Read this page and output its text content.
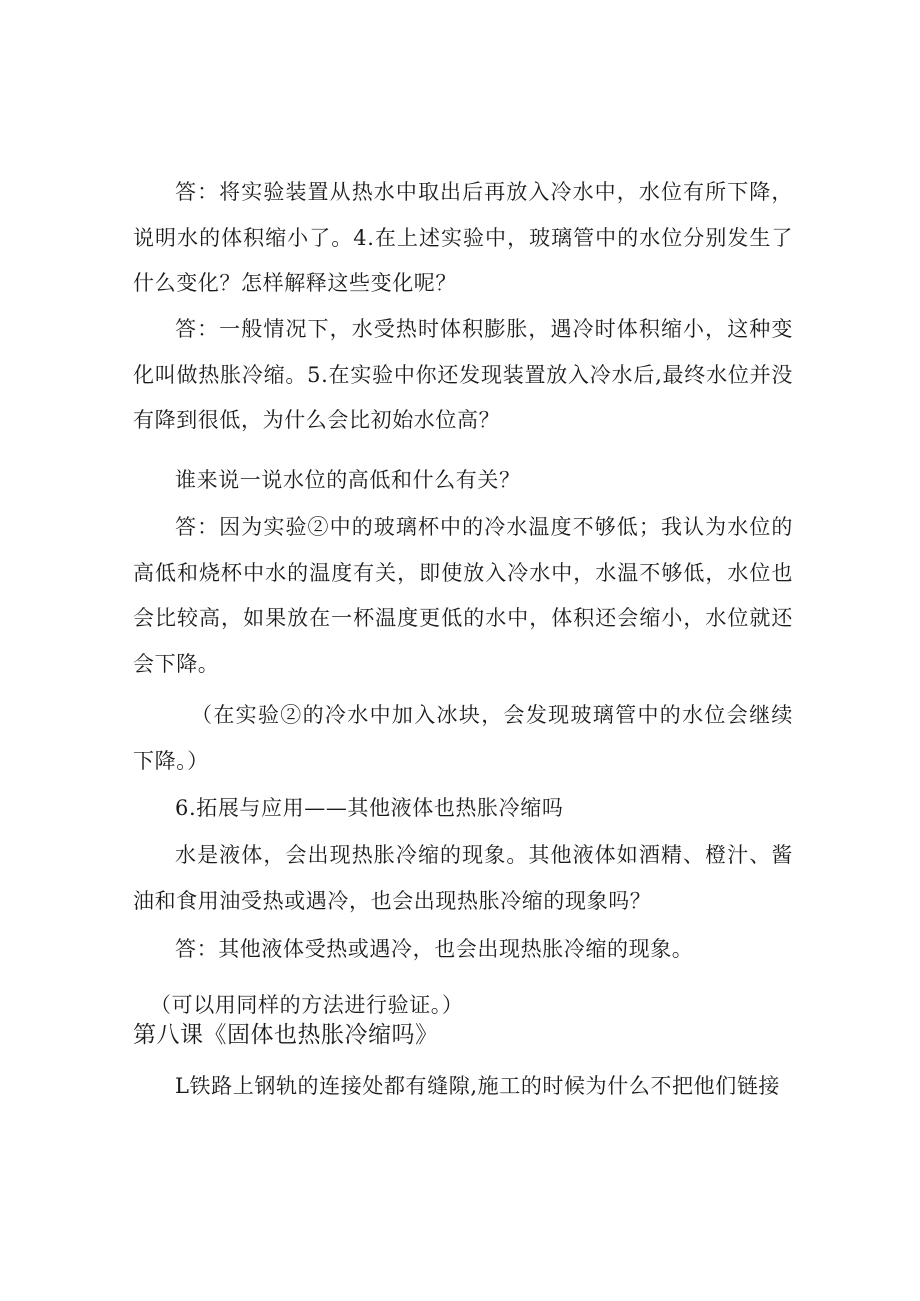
答：将实验装置从热水中取出后再放入冷水中，水位有所下降，说明水的体积缩小了。4.在上述实验中，玻璃管中的水位分别发生了什么变化？怎样解释这些变化呢？

答：一般情况下，水受热时体积膨胀，遇冷时体积缩小，这种变化叫做热胀冷缩。5.在实验中你还发现装置放入冷水后,最终水位并没有降到很低，为什么会比初始水位高？

谁来说一说水位的高低和什么有关？

答：因为实验②中的玻璃杯中的冷水温度不够低；我认为水位的高低和烧杯中水的温度有关，即使放入冷水中，水温不够低，水位也会比较高，如果放在一杯温度更低的水中，体积还会缩小，水位就还会下降。

（在实验②的冷水中加入冰块，会发现玻璃管中的水位会继续下降。）

6.拓展与应用——其他液体也热胀冷缩吗

水是液体，会出现热胀冷缩的现象。其他液体如酒精、橙汁、酱油和食用油受热或遇冷，也会出现热胀冷缩的现象吗？

答：其他液体受热或遇冷，也会出现热胀冷缩的现象。

（可以用同样的方法进行验证。）

第八课《固体也热胀冷缩吗》

L铁路上钢轨的连接处都有缝隙,施工的时候为什么不把他们链接
